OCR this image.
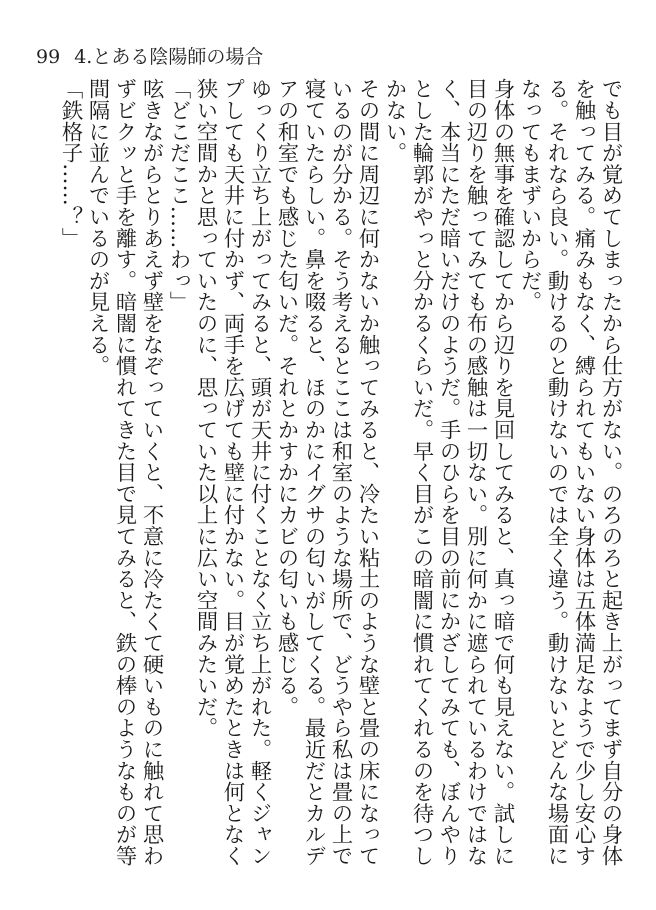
99 4.とある陰陽師の場合

でも目が覚めてしまったから仕方がない。のろのろと起き上がってまず自分の身体を触ってみる。痛みもなく、縛られてもいない身体は五体満足なようで少し安心する。それなら良い。動けるのと動けないのでは全く違う。動けないとどんな場面になってもまずいからだ。

身体の無事を確認してから辺りを見回してみると、真っ暗で何も見えない。試しに目の辺りを触ってみても布の感触は一切ない。別に何かに遮られているわけではなく、本当にただ暗いだけのようだ。手のひらを目の前にかざしてみても、ぼんやりとした輪郭がやっと分かるくらいだ。早く目がこの暗闇に慣れてくれるのを待つしかない。

その間に周辺に何かないか触ってみると、冷たい粘土のような壁と畳の床になっているのが分かる。そう考えるとここは和室のような場所で、どうやら私は畳の上で寝ていたらしい。鼻を啜ると、ほのかにイグサの匂いがしてくる。最近だとカルデアの和室でも感じた匂いだ。それとかすかにカビの匂いも感じる。

ゆっくり立ち上がってみると、頭が天井に付くことなく立ち上がれた。軽くジャンプしても天井に付かず、両手を広げても壁に付かない。目が覚めたときは何となく狭い空間かと思っていたのに、思っていた以上に広い空間みたいだ。

「どこだここ……わっ」

呟きながらとりあえず壁をなぞっていくと、不意に冷たくて硬いものに触れて思わずビクッと手を離す。暗闇に慣れてきた目で見てみると、鉄の棒のようなものが等間隔に並んでいるのが見える。

「鉄格子……？」
